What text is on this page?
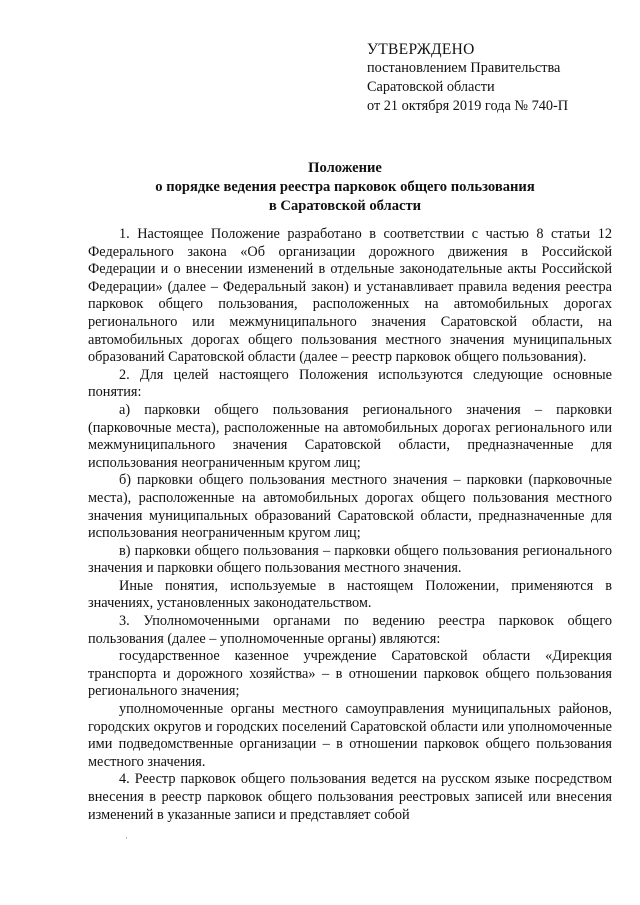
УТВЕРЖДЕНО
постановлением Правительства
Саратовской области
от 21 октября 2019 года № 740-П
Положение
о порядке ведения реестра парковок общего пользования
в Саратовской области

1. Настоящее Положение разработано в соответствии с частью 8 статьи 12 Федерального закона «Об организации дорожного движения в Российской Федерации и о внесении изменений в отдельные законодательные акты Российской Федерации» (далее – Федеральный закон) и устанавливает правила ведения реестра парковок общего пользования, расположенных на автомобильных дорогах регионального или межмуниципального значения Саратовской области, на автомобильных дорогах общего пользования местного значения муниципальных образований Саратовской области (далее – реестр парковок общего пользования).

2. Для целей настоящего Положения используются следующие основные понятия:

а) парковки общего пользования регионального значения – парковки (парковочные места), расположенные на автомобильных дорогах регионального или межмуниципального значения Саратовской области, предназначенные для использования неограниченным кругом лиц;

б) парковки общего пользования местного значения – парковки (парковочные места), расположенные на автомобильных дорогах общего пользования местного значения муниципальных образований Саратовской области, предназначенные для использования неограниченным кругом лиц;

в) парковки общего пользования – парковки общего пользования регионального значения и парковки общего пользования местного значения.

Иные понятия, используемые в настоящем Положении, применяются в значениях, установленных законодательством.

3. Уполномоченными органами по ведению реестра парковок общего пользования (далее – уполномоченные органы) являются:

государственное казенное учреждение Саратовской области «Дирекция транспорта и дорожного хозяйства» – в отношении парковок общего пользования регионального значения;

уполномоченные органы местного самоуправления муниципальных районов, городских округов и городских поселений Саратовской области или уполномоченные ими подведомственные организации – в отношении парковок общего пользования местного значения.

4. Реестр парковок общего пользования ведется на русском языке посредством внесения в реестр парковок общего пользования реестровых записей или внесения изменений в указанные записи и представляет собой

·
